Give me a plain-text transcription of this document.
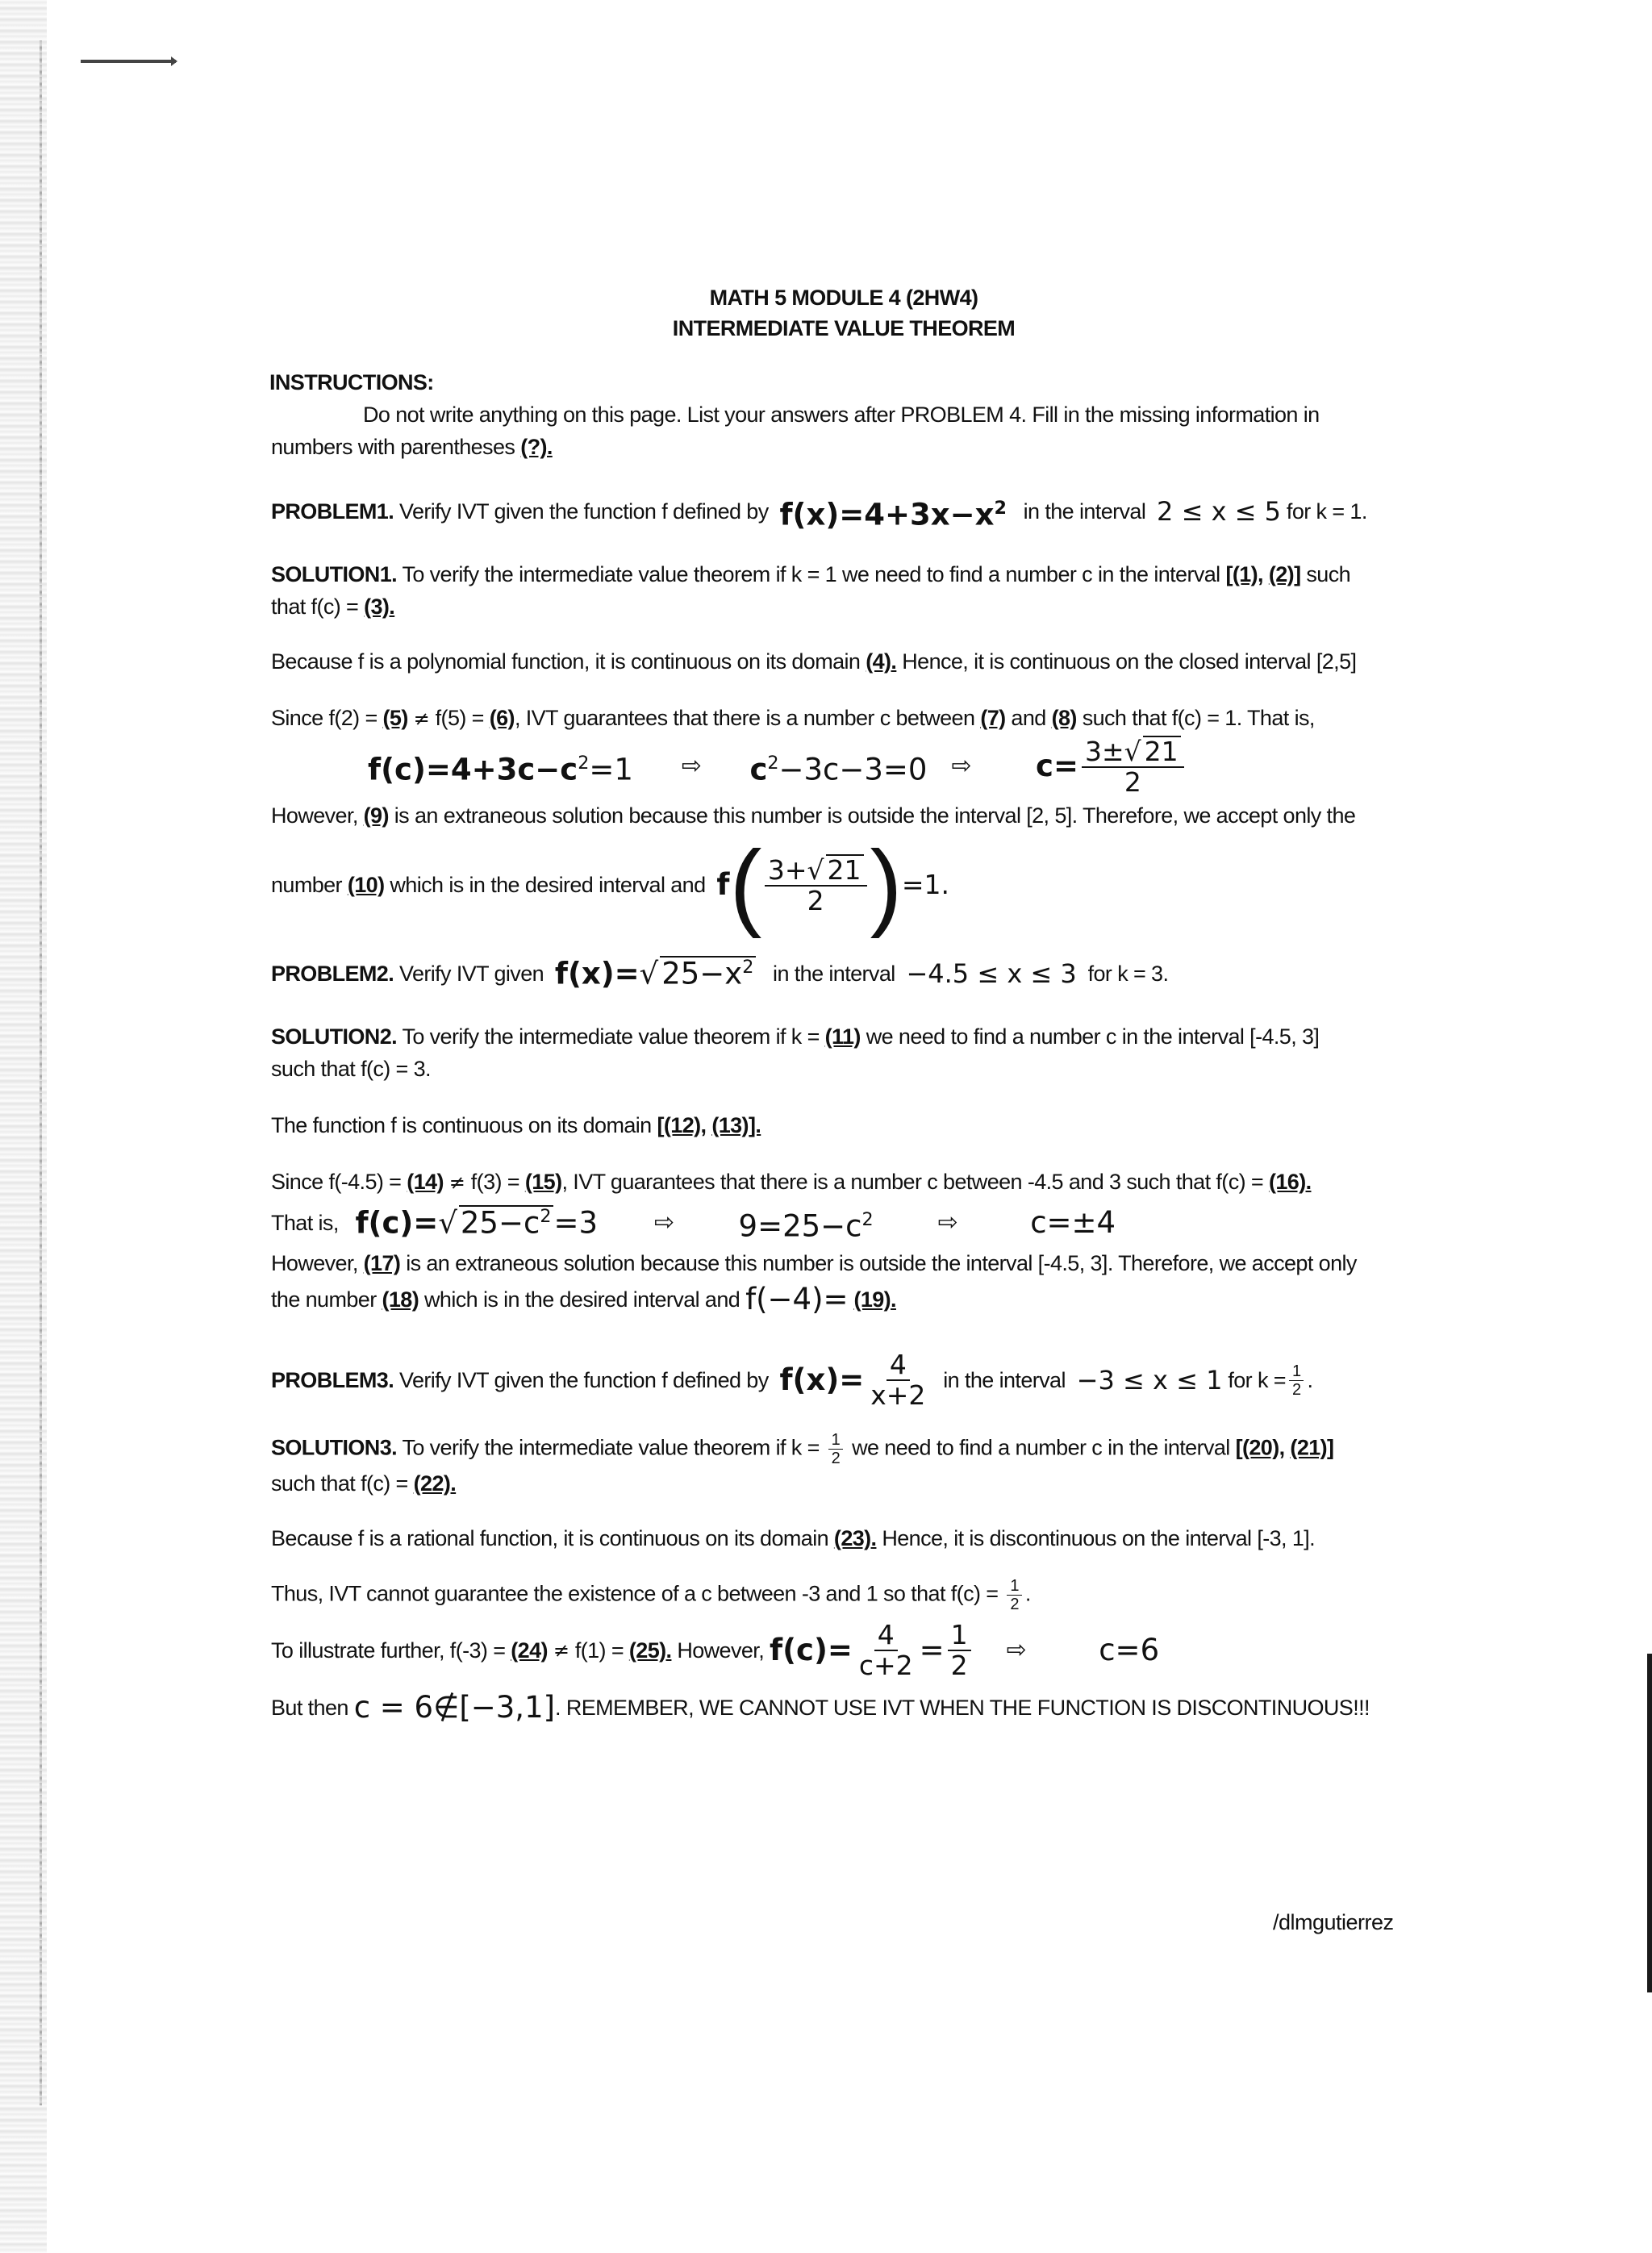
MATH 5 MODULE 4 (2HW4)
INTERMEDIATE VALUE THEOREM
INSTRUCTIONS:
Do not write anything on this page. List your answers after PROBLEM 4. Fill in the missing information in
numbers with parentheses (?).
PROBLEM1.
Verify IVT given the function f defined by
$f(x)=4+3x-x^2$
in the interval
2 ≤ x ≤ 5
for k = 1.
SOLUTION1. To verify the intermediate value theorem if k = 1 we need to find a number c in the interval [(1), (2)] such
that f(c) = (3).
Because f is a polynomial function, it is continuous on its domain (4). Hence, it is continuous on the closed interval [2,5]
Since f(2) = (5) ≠ f(5) = (6), IVT guarantees that there is a number c between (7) and (8) such that f(c) = 1. That is,
$f(c)=4+3c-c^2=1$ ⇨ $c^2-3c-3=0$ ⇨ $c= \frac{3\pm√ 21}{2}$
However, (9) is an extraneous solution because this number is outside the interval [2, 5]. Therefore, we accept only the
number
(10)
which is in the desired interval and
f ( $\frac{3+√ 21}{2}$ ) =1.
PROBLEM2.
Verify IVT given
f(x)=√ $25-x^2$
in the interval
−4.5 ≤ x ≤ 3
for k = 3.
SOLUTION2. To verify the intermediate value theorem if k = (11) we need to find a number c in the interval [-4.5, 3]
such that f(c) = 3.
The function f is continuous on its domain [(12), (13)].
Since f(-4.5) = (14) ≠ f(3) = (15), IVT guarantees that there is a number c between -4.5 and 3 such that f(c) = (16).
That is,
f(c)=√ $25-c^2=3$ ⇨ $9=25-c^2$	⇨ c=±4
However, (17) is an extraneous solution because this number is outside the interval [-4.5, 3]. Therefore, we accept only
the number
(18)
which is in the desired interval and
f(−4)=
(19).
PROBLEM3.
Verify IVT given the function f defined by
$f(x)= \frac{4}{x+2}$
in the interval
−3 ≤ x ≤ 1
for $k = \frac{1}{2}$ .
SOLUTION3. To verify the intermediate value theorem if $k = \frac{1}{2}$ we need to find a number c in the interval [(20), (21)]
such that f(c) = (22).
Because f is a rational function, it is continuous on its domain (23). Hence, it is discontinuous on the interval [-3, 1].
Thus, IVT cannot guarantee the existence of a c between -3 and 1 so that $f(c) = \frac{1}{2}$ .
To illustrate further, f(-3) =
(24)
≠
f(1) =
(25).
However,
$f(c)= \frac{4}{c+2} = \frac{1}{2}$ ⇨ c=6
But then
c = 6∉[−3,1] . REMEMBER, WE CANNOT USE IVT WHEN THE FUNCTION IS DISCONTINUOUS!!!
/dlmgutierrez
